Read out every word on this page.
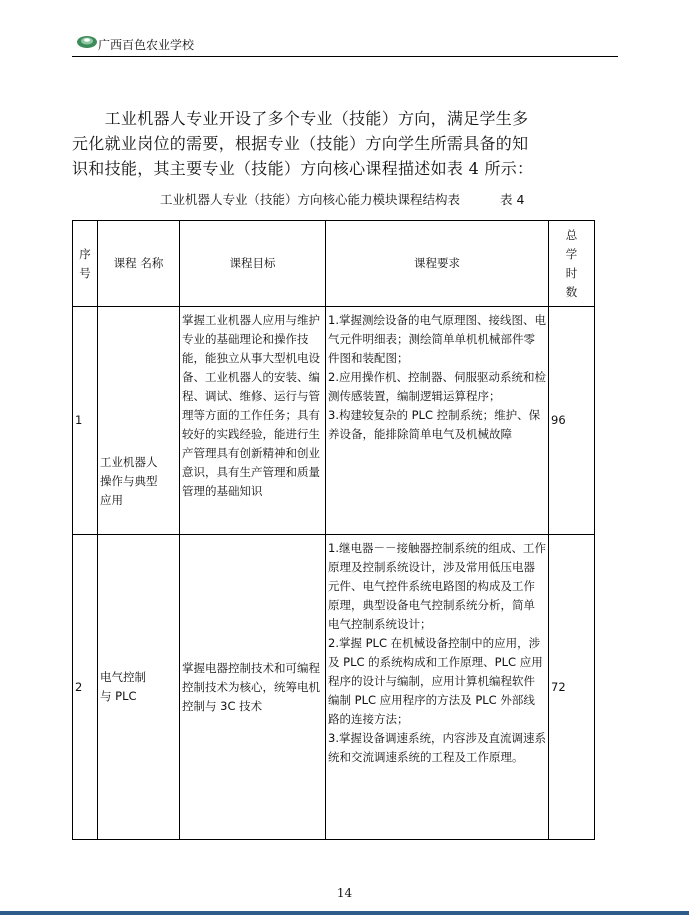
广西百色农业学校

　　工业机器人专业开设了多个专业（技能）方向，满足学生多

元化就业岗位的需要，根据专业（技能）方向学生所需具备的知

识和技能，其主要专业（技能）方向核心课程描述如表 4 所示：

工业机器人专业（技能）方向核心能力模块课程结构表	表 4
序
号	课程 名称	课程目标	课程要求	总
学
时
数
1	工业机器人
操作与典型
应用	掌握工业机器人应用与维护专业的基础理论和操作技能，能独立从事大型机电设备、工业机器人的安装、编程、调试、维修、运行与管理等方面的工作任务；具有较好的实践经验，能进行生产管理具有创新精神和创业意识，具有生产管理和质量管理的基础知识	1.掌握测绘设备的电气原理图、接线图、电气元件明细表；测绘简单单机机械部件零件图和装配图；
2.应用操作机、控制器、伺服驱动系统和检测传感装置，编制逻辑运算程序；
3.构建较复杂的 PLC 控制系统；维护、保养设备，能排除简单电气及机械故障	96
2	电气控制
与 PLC	掌握电器控制技术和可编程控制技术为核心，统筹电机控制与 3C 技术	1.继电器－－接触器控制系统的组成、工作原理及控制系统设计，涉及常用低压电器元件、电气控件系统电路图的构成及工作原理，典型设备电气控制系统分析，简单电气控制系统设计；
2.掌握 PLC 在机械设备控制中的应用，涉及 PLC 的系统构成和工作原理、PLC 应用程序的设计与编制，应用计算机编程软件编制 PLC 应用程序的方法及 PLC 外部线路的连接方法；
3.掌握设备调速系统，内容涉及直流调速系统和交流调速系统的工程及工作原理。	72
14
